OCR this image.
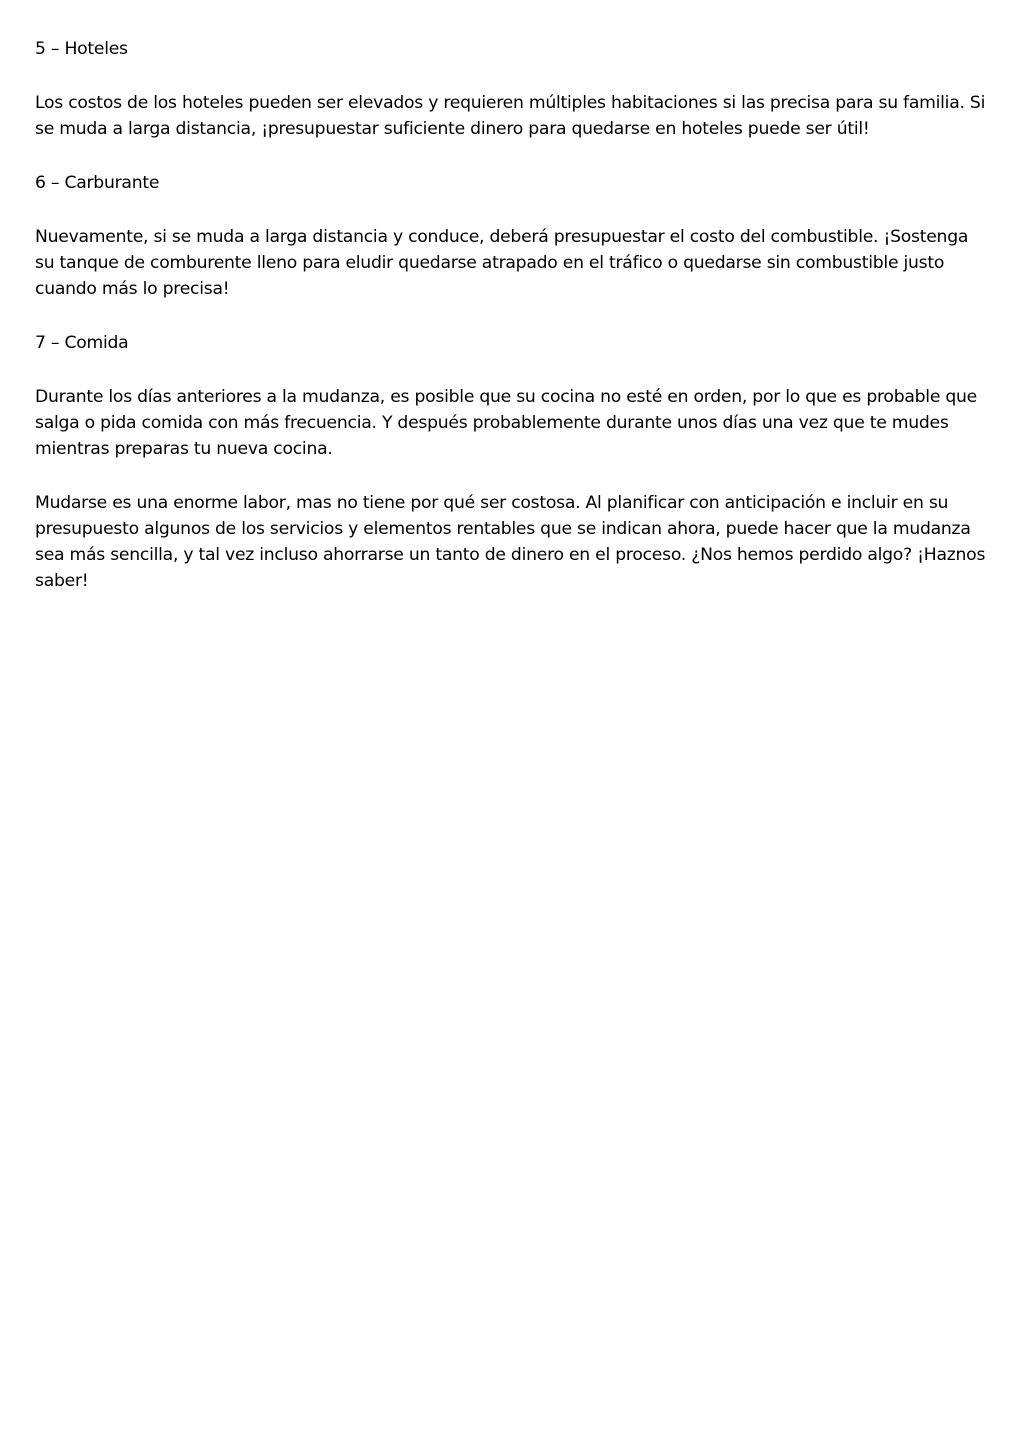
5 – Hoteles

Los costos de los hoteles pueden ser elevados y requieren múltiples habitaciones si las precisa para su familia. Si se muda a larga distancia, ¡presupuestar suficiente dinero para quedarse en hoteles puede ser útil!

6 – Carburante

Nuevamente, si se muda a larga distancia y conduce, deberá presupuestar el costo del combustible. ¡Sostenga su tanque de comburente lleno para eludir quedarse atrapado en el tráfico o quedarse sin combustible justo cuando más lo precisa!

7 – Comida

Durante los días anteriores a la mudanza, es posible que su cocina no esté en orden, por lo que es probable que salga o pida comida con más frecuencia. Y después probablemente durante unos días una vez que te mudes mientras preparas tu nueva cocina.

Mudarse es una enorme labor, mas no tiene por qué ser costosa. Al planificar con anticipación e incluir en su presupuesto algunos de los servicios y elementos rentables que se indican ahora, puede hacer que la mudanza sea más sencilla, y tal vez incluso ahorrarse un tanto de dinero en el proceso. ¿Nos hemos perdido algo? ¡Haznos saber!
